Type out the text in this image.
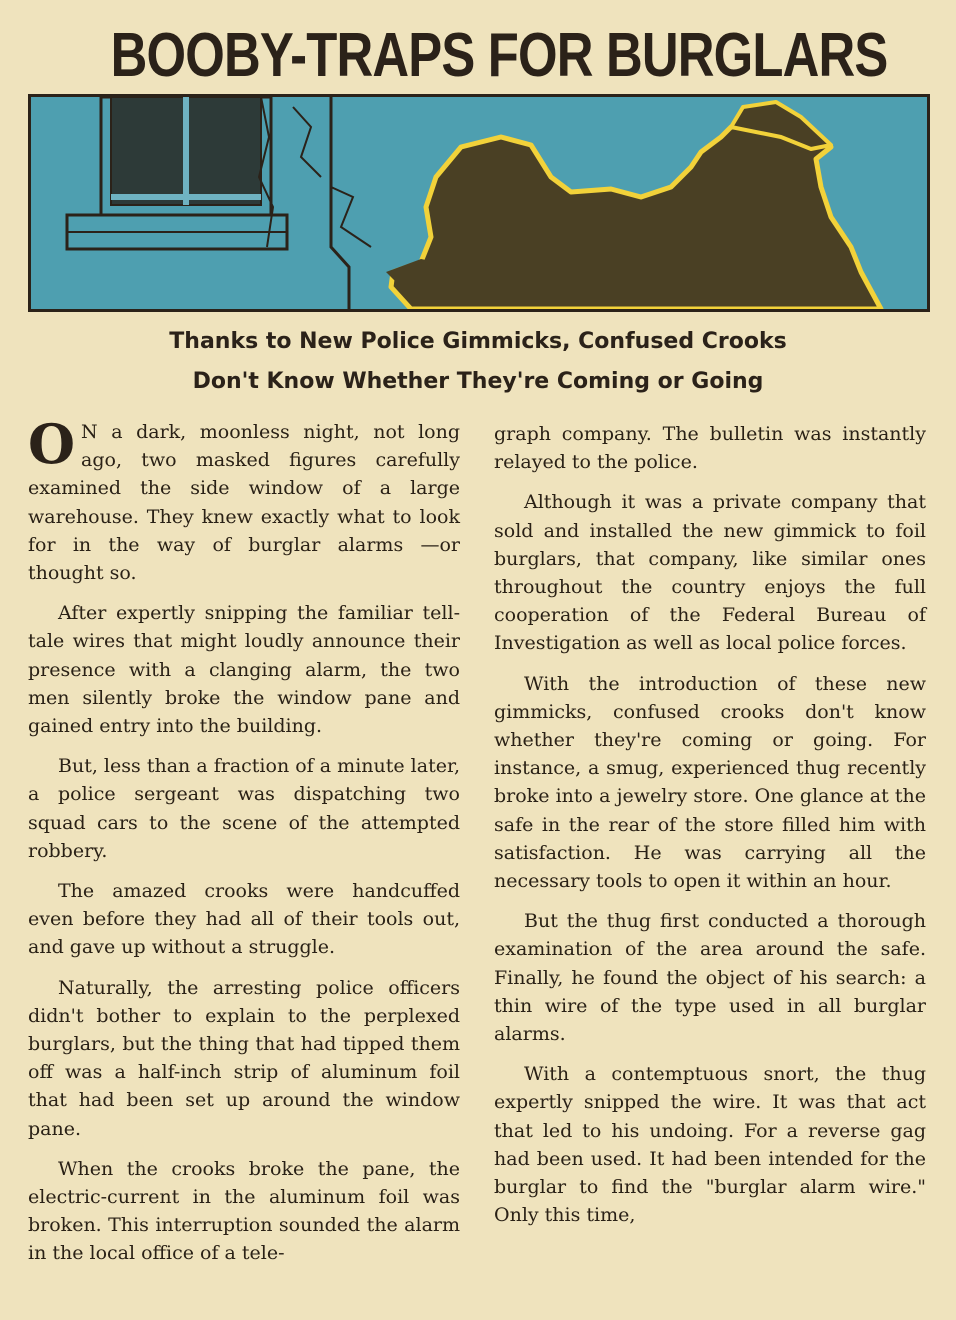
BOOBY-TRAPS FOR BURGLARS
Thanks to New Police Gimmicks, Confused Crooks
Don't Know Whether They're Coming or Going

O N a dark, moonless night, not long ago, two masked figures carefully examined the side window of a large warehouse. They knew exactly what to look for in the way of burglar alarms —or thought so.

After expertly snipping the familiar tell-tale wires that might loudly announce their presence with a clanging alarm, the two men silently broke the window pane and gained entry into the building.

But, less than a fraction of a minute later, a police sergeant was dispatching two squad cars to the scene of the attempted robbery.

The amazed crooks were handcuffed even before they had all of their tools out, and gave up without a struggle.

Naturally, the arresting police officers didn't bother to explain to the perplexed burglars, but the thing that had tipped them off was a half-inch strip of aluminum foil that had been set up around the window pane.

When the crooks broke the pane, the electric-current in the aluminum foil was broken. This interruption sounded the alarm in the local office of a tele-

graph company. The bulletin was instantly relayed to the police.

Although it was a private company that sold and installed the new gimmick to foil burglars, that company, like similar ones throughout the country enjoys the full cooperation of the Federal Bureau of Investigation as well as local police forces.

With the introduction of these new gimmicks, confused crooks don't know whether they're coming or going. For instance, a smug, experienced thug recently broke into a jewelry store. One glance at the safe in the rear of the store filled him with satisfaction. He was carrying all the necessary tools to open it within an hour.

But the thug first conducted a thorough examination of the area around the safe. Finally, he found the object of his search: a thin wire of the type used in all burglar alarms.

With a contemptuous snort, the thug expertly snipped the wire. It was that act that led to his undoing. For a reverse gag had been used. It had been intended for the burglar to find the "burglar alarm wire." Only this time,
